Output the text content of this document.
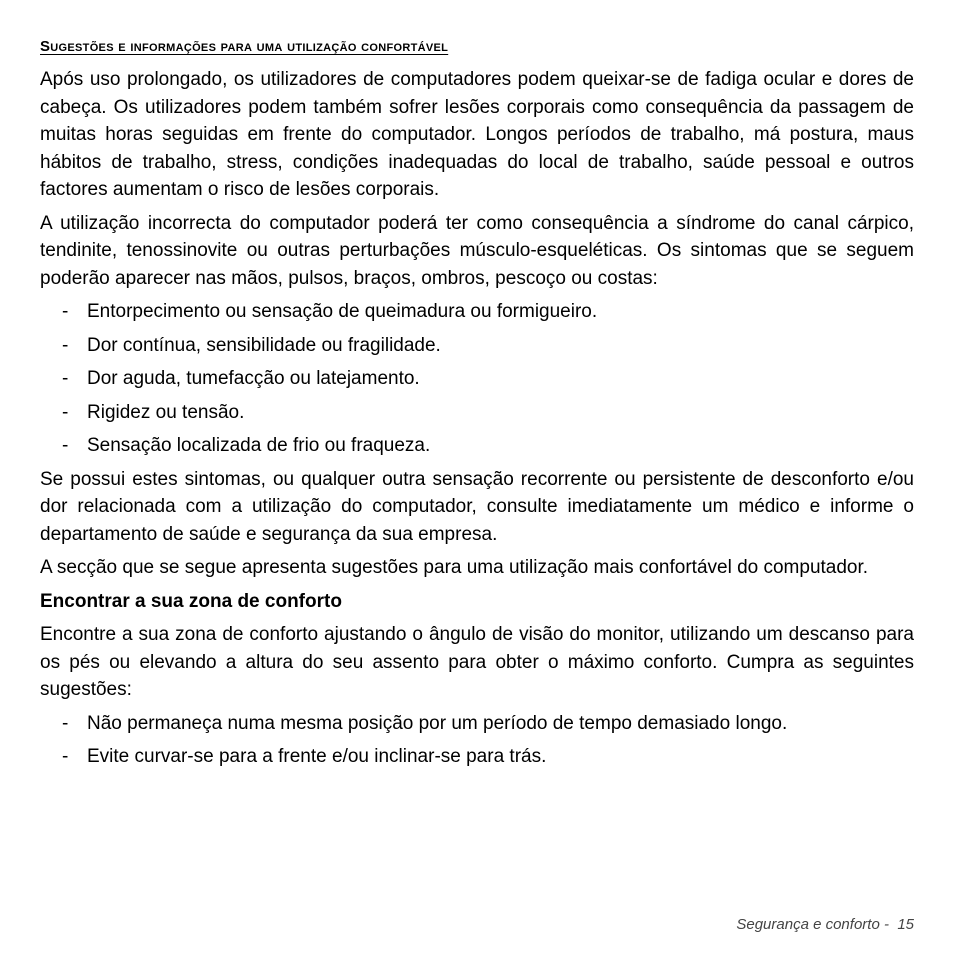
Sugestões e informações para uma utilização confortável

Após uso prolongado, os utilizadores de computadores podem queixar-se de fadiga ocular e dores de cabeça. Os utilizadores podem também sofrer lesões corporais como consequência da passagem de muitas horas seguidas em frente do computador. Longos períodos de trabalho, má postura, maus hábitos de trabalho, stress, condições inadequadas do local de trabalho, saúde pessoal e outros factores aumentam o risco de lesões corporais.

A utilização incorrecta do computador poderá ter como consequência a síndrome do canal cárpico, tendinite, tenossinovite ou outras perturbações músculo-esqueléticas. Os sintomas que se seguem poderão aparecer nas mãos, pulsos, braços, ombros, pescoço ou costas:

- Entorpecimento ou sensação de queimadura ou formigueiro.
- Dor contínua, sensibilidade ou fragilidade.
- Dor aguda, tumefacção ou latejamento.
- Rigidez ou tensão.
- Sensação localizada de frio ou fraqueza.

Se possui estes sintomas, ou qualquer outra sensação recorrente ou persistente de desconforto e/ou dor relacionada com a utilização do computador, consulte imediatamente um médico e informe o departamento de saúde e segurança da sua empresa.

A secção que se segue apresenta sugestões para uma utilização mais confortável do computador.

Encontrar a sua zona de conforto

Encontre a sua zona de conforto ajustando o ângulo de visão do monitor, utilizando um descanso para os pés ou elevando a altura do seu assento para obter o máximo conforto. Cumpra as seguintes sugestões:

- Não permaneça numa mesma posição por um período de tempo demasiado longo.
- Evite curvar-se para a frente e/ou inclinar-se para trás.
Segurança e conforto - 15
